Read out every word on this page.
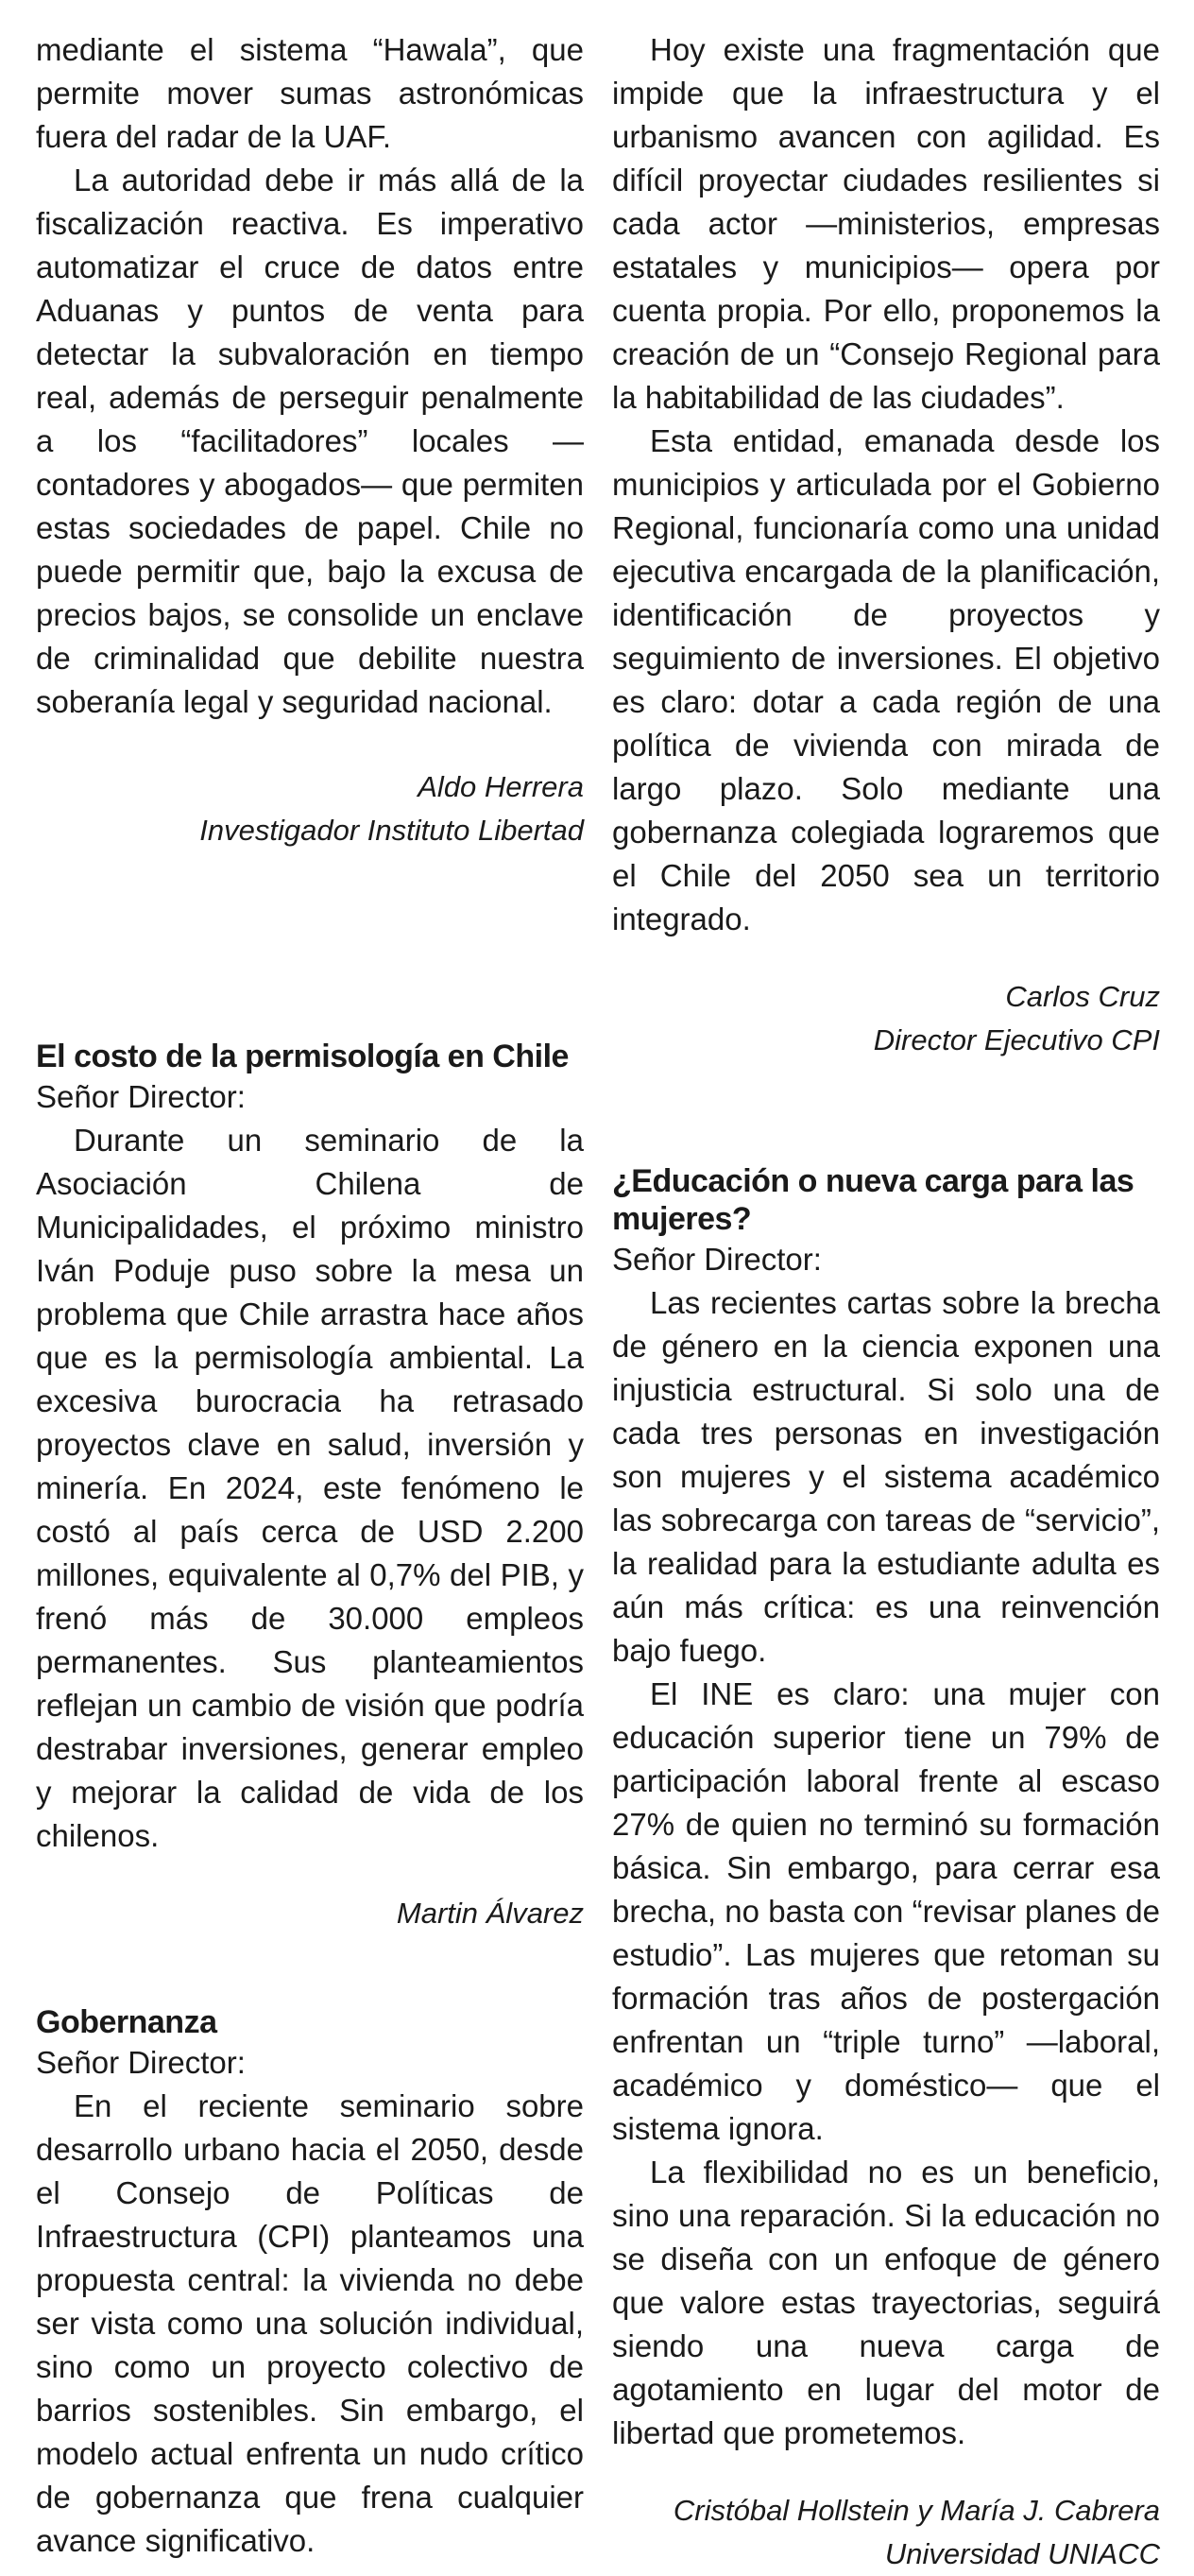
mediante el sistema “Hawala”, que permite mover sumas astronómicas fuera del radar de la UAF.

La autoridad debe ir más allá de la fiscalización reactiva. Es imperativo automatizar el cruce de datos entre Aduanas y puntos de venta para detectar la subvaloración en tiempo real, además de perseguir penalmente a los “facilitadores” locales —contadores y abogados— que permiten estas sociedades de papel. Chile no puede permitir que, bajo la excusa de precios bajos, se consolide un enclave de criminalidad que debilite nuestra soberanía legal y seguridad nacional.

Aldo Herrera

Investigador Instituto Libertad

El costo de la permisología en Chile

Señor Director:

Durante un seminario de la Asociación Chilena de Municipalidades, el próximo ministro Iván Poduje puso sobre la mesa un problema que Chile arrastra hace años que es la permisología ambiental. La excesiva burocracia ha retrasado proyectos clave en salud, inversión y minería. En 2024, este fenómeno le costó al país cerca de USD 2.200 millones, equivalente al 0,7% del PIB, y frenó más de 30.000 empleos permanentes. Sus planteamientos reflejan un cambio de visión que podría destrabar inversiones, generar empleo y mejorar la calidad de vida de los chilenos.

Martin Álvarez

Gobernanza

Señor Director:

En el reciente seminario sobre desarrollo urbano hacia el 2050, desde el Consejo de Políticas de Infraestructura (CPI) planteamos una propuesta central: la vivienda no debe ser vista como una solución individual, sino como un proyecto colectivo de barrios sostenibles. Sin embargo, el modelo actual enfrenta un nudo crítico de gobernanza que frena cualquier avance significativo.

Hoy existe una fragmentación que impide que la infraestructura y el urbanismo avancen con agilidad. Es difícil proyectar ciudades resilientes si cada actor —ministerios, empresas estatales y municipios— opera por cuenta propia. Por ello, proponemos la creación de un “Consejo Regional para la habitabilidad de las ciudades”.

Esta entidad, emanada desde los municipios y articulada por el Gobierno Regional, funcionaría como una unidad ejecutiva encargada de la planificación, identificación de proyectos y seguimiento de inversiones. El objetivo es claro: dotar a cada región de una política de vivienda con mirada de largo plazo. Solo mediante una gobernanza colegiada lograremos que el Chile del 2050 sea un territorio integrado.

Carlos Cruz

Director Ejecutivo CPI

¿Educación o nueva carga para las mujeres?

Señor Director:

Las recientes cartas sobre la brecha de género en la ciencia exponen una injusticia estructural. Si solo una de cada tres personas en investigación son mujeres y el sistema académico las sobrecarga con tareas de “servicio”, la realidad para la estudiante adulta es aún más crítica: es una reinvención bajo fuego.

El INE es claro: una mujer con educación superior tiene un 79% de participación laboral frente al escaso 27% de quien no terminó su formación básica. Sin embargo, para cerrar esa brecha, no basta con “revisar planes de estudio”. Las mujeres que retoman su formación tras años de postergación enfrentan un “triple turno” —laboral, académico y doméstico— que el sistema ignora.

La flexibilidad no es un beneficio, sino una reparación. Si la educación no se diseña con un enfoque de género que valore estas trayectorias, seguirá siendo una nueva carga de agotamiento en lugar del motor de libertad que prometemos.

Cristóbal Hollstein y María J. Cabrera

Universidad UNIACC
